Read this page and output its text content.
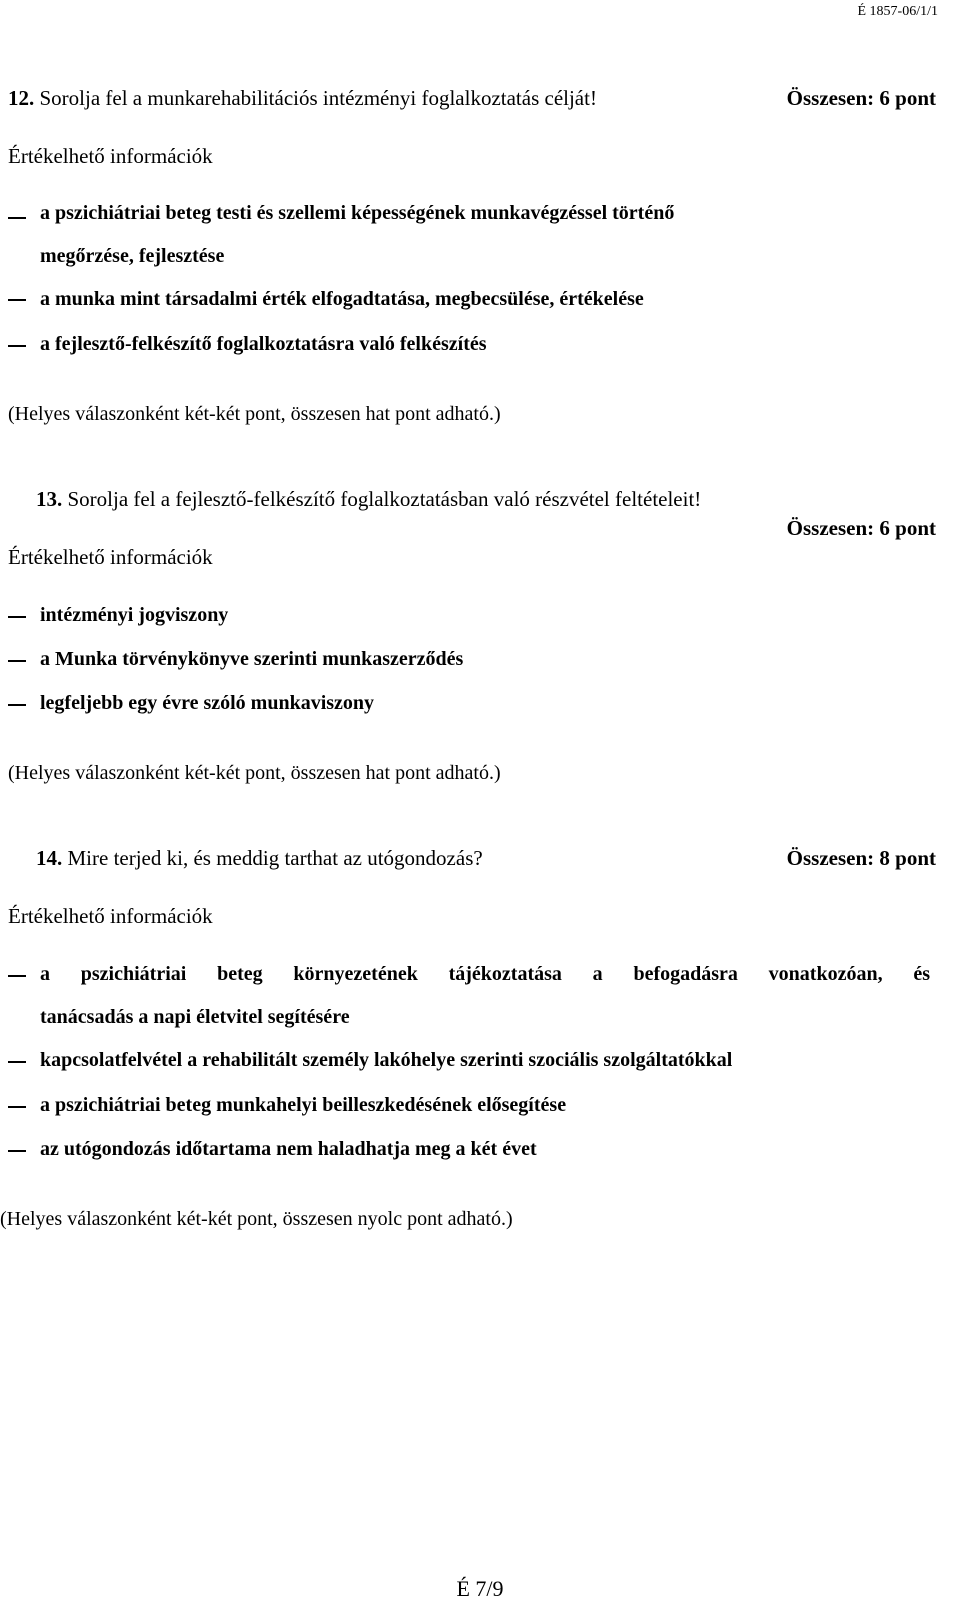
É 1857-06/1/1
12. Sorolja fel a munkarehabilitációs intézményi foglalkoztatás célját!	Összesen: 6 pont
Értékelhető információk
a pszichiátriai beteg testi és szellemi képességének munkavégzéssel történő
megőrzése, fejlesztése
a munka mint társadalmi érték elfogadtatása, megbecsülése, értékelése
a fejlesztő-felkészítő foglalkoztatásra való felkészítés
(Helyes válaszonként két-két pont, összesen hat pont adható.)
13. Sorolja fel a fejlesztő-felkészítő foglalkoztatásban való részvétel feltételeit!
Összesen: 6 pont
Értékelhető információk
intézményi jogviszony
a Munka törvénykönyve szerinti munkaszerződés
legfeljebb egy évre szóló munkaviszony
(Helyes válaszonként két-két pont, összesen hat pont adható.)
14. Mire terjed ki, és meddig tarthat az utógondozás?	Összesen: 8 pont
Értékelhető információk
a pszichiátriai beteg környezetének tájékoztatása a befogadásra vonatkozóan, és
tanácsadás a napi életvitel segítésére
kapcsolatfelvétel a rehabilitált személy lakóhelye szerinti szociális szolgáltatókkal
a pszichiátriai beteg munkahelyi beilleszkedésének elősegítése
az utógondozás időtartama nem haladhatja meg a két évet
(Helyes válaszonként két-két pont, összesen nyolc pont adható.)
É 7/9
